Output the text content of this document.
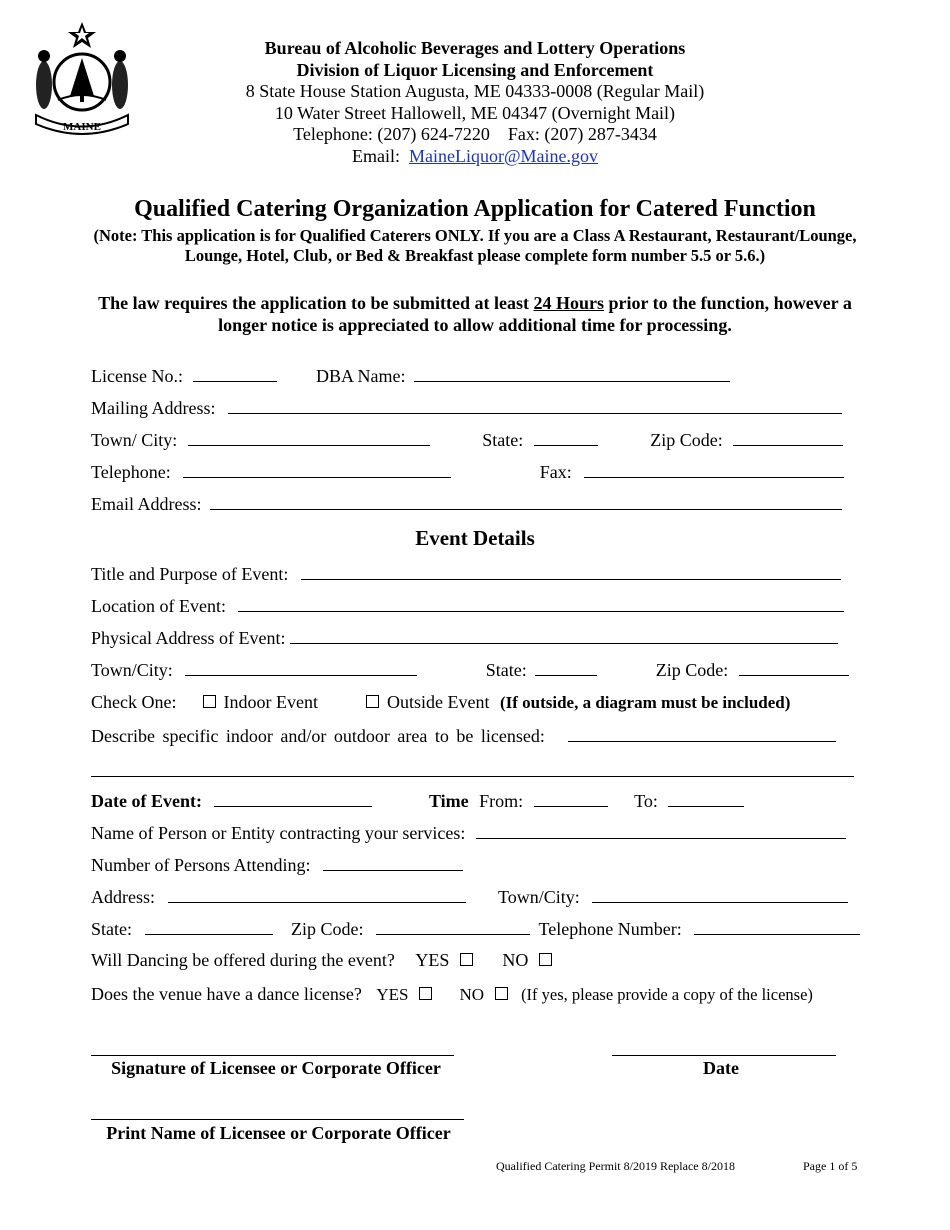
MAINE
Bureau of Alcoholic Beverages and Lottery Operations
Division of Liquor Licensing and Enforcement
8 State House Station Augusta, ME 04333-0008 (Regular Mail)
10 Water Street Hallowell, ME 04347 (Overnight Mail)
Telephone: (207) 624-7220    Fax: (207) 287-3434
Email: MaineLiquor@Maine.gov
Qualified Catering Organization Application for Catered Function
(Note: This application is for Qualified Caterers ONLY. If you are a Class A Restaurant, Restaurant/Lounge, Lounge, Hotel, Club, or Bed & Breakfast please complete form number 5.5 or 5.6.)
The law requires the application to be submitted at least 24 Hours prior to the function, however a longer notice is appreciated to allow additional time for processing.
License No.:	DBA Name:
Mailing Address:
Town/ City:	State:	Zip Code:
Telephone:	Fax:
Email Address:
Event Details
Title and Purpose of Event:
Location of Event:
Physical Address of Event:
Town/City:	State:	Zip Code:
Check One:	Indoor Event	Outside Event (If outside, a diagram must be included)
Describe specific indoor and/or outdoor area to be licensed:
Date of Event:	Time From:	To:
Name of Person or Entity contracting your services:
Number of Persons Attending:
Address:	Town/City:
State:	Zip Code:	Telephone Number:
Will Dancing be offered during the event? YES	NO
Does the venue have a dance license? YES	NO (If yes, please provide a copy of the license)
Signature of Licensee or Corporate Officer	Date
Print Name of Licensee or Corporate Officer
Qualified Catering Permit 8/2019 Replace 8/2018	Page 1 of 5
